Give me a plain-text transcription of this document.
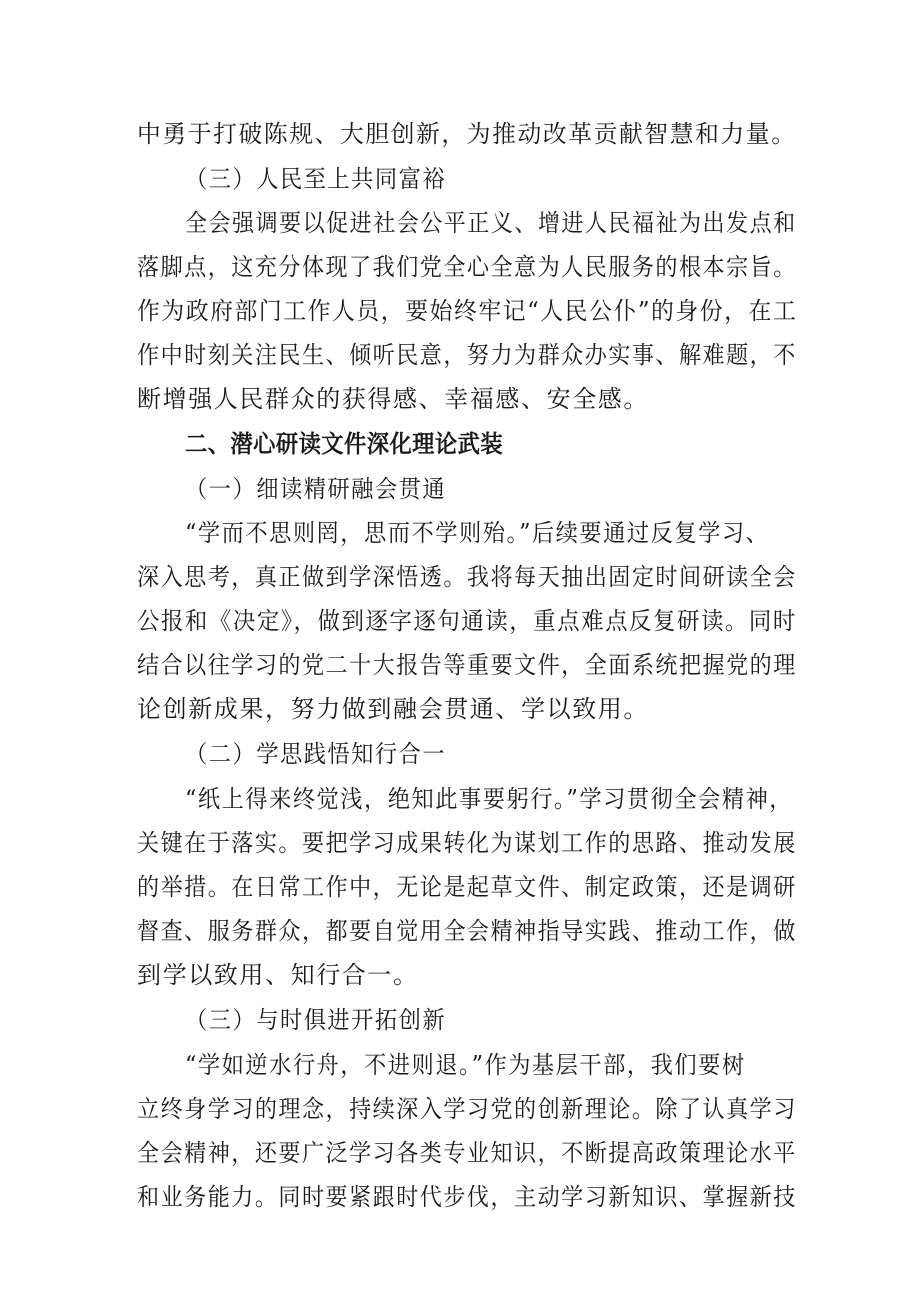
中勇于打破陈规、大胆创新，为推动改革贡献智慧和力量。
（三）人民至上共同富裕
全会强调要以促进社会公平正义、增进人民福祉为出发点和
落脚点，这充分体现了我们党全心全意为人民服务的根本宗旨。
作为政府部门工作人员，要始终牢记“人民公仆”的身份，在工
作中时刻关注民生、倾听民意，努力为群众办实事、解难题，不
断增强人民群众的获得感、幸福感、安全感。
二、潜心研读文件深化理论武装
（一）细读精研融会贯通
“学而不思则罔，思而不学则殆。”后续要通过反复学习、
深入思考，真正做到学深悟透。我将每天抽出固定时间研读全会
公报和《决定》，做到逐字逐句通读，重点难点反复研读。同时
结合以往学习的党二十大报告等重要文件，全面系统把握党的理
论创新成果，努力做到融会贯通、学以致用。
（二）学思践悟知行合一
“纸上得来终觉浅，绝知此事要躬行。”学习贯彻全会精神，
关键在于落实。要把学习成果转化为谋划工作的思路、推动发展
的举措。在日常工作中，无论是起草文件、制定政策，还是调研
督查、服务群众，都要自觉用全会精神指导实践、推动工作，做
到学以致用、知行合一。
（三）与时俱进开拓创新
“学如逆水行舟，不进则退。”作为基层干部，我们要树
立终身学习的理念，持续深入学习党的创新理论。除了认真学习
全会精神，还要广泛学习各类专业知识，不断提高政策理论水平
和业务能力。同时要紧跟时代步伐，主动学习新知识、掌握新技
